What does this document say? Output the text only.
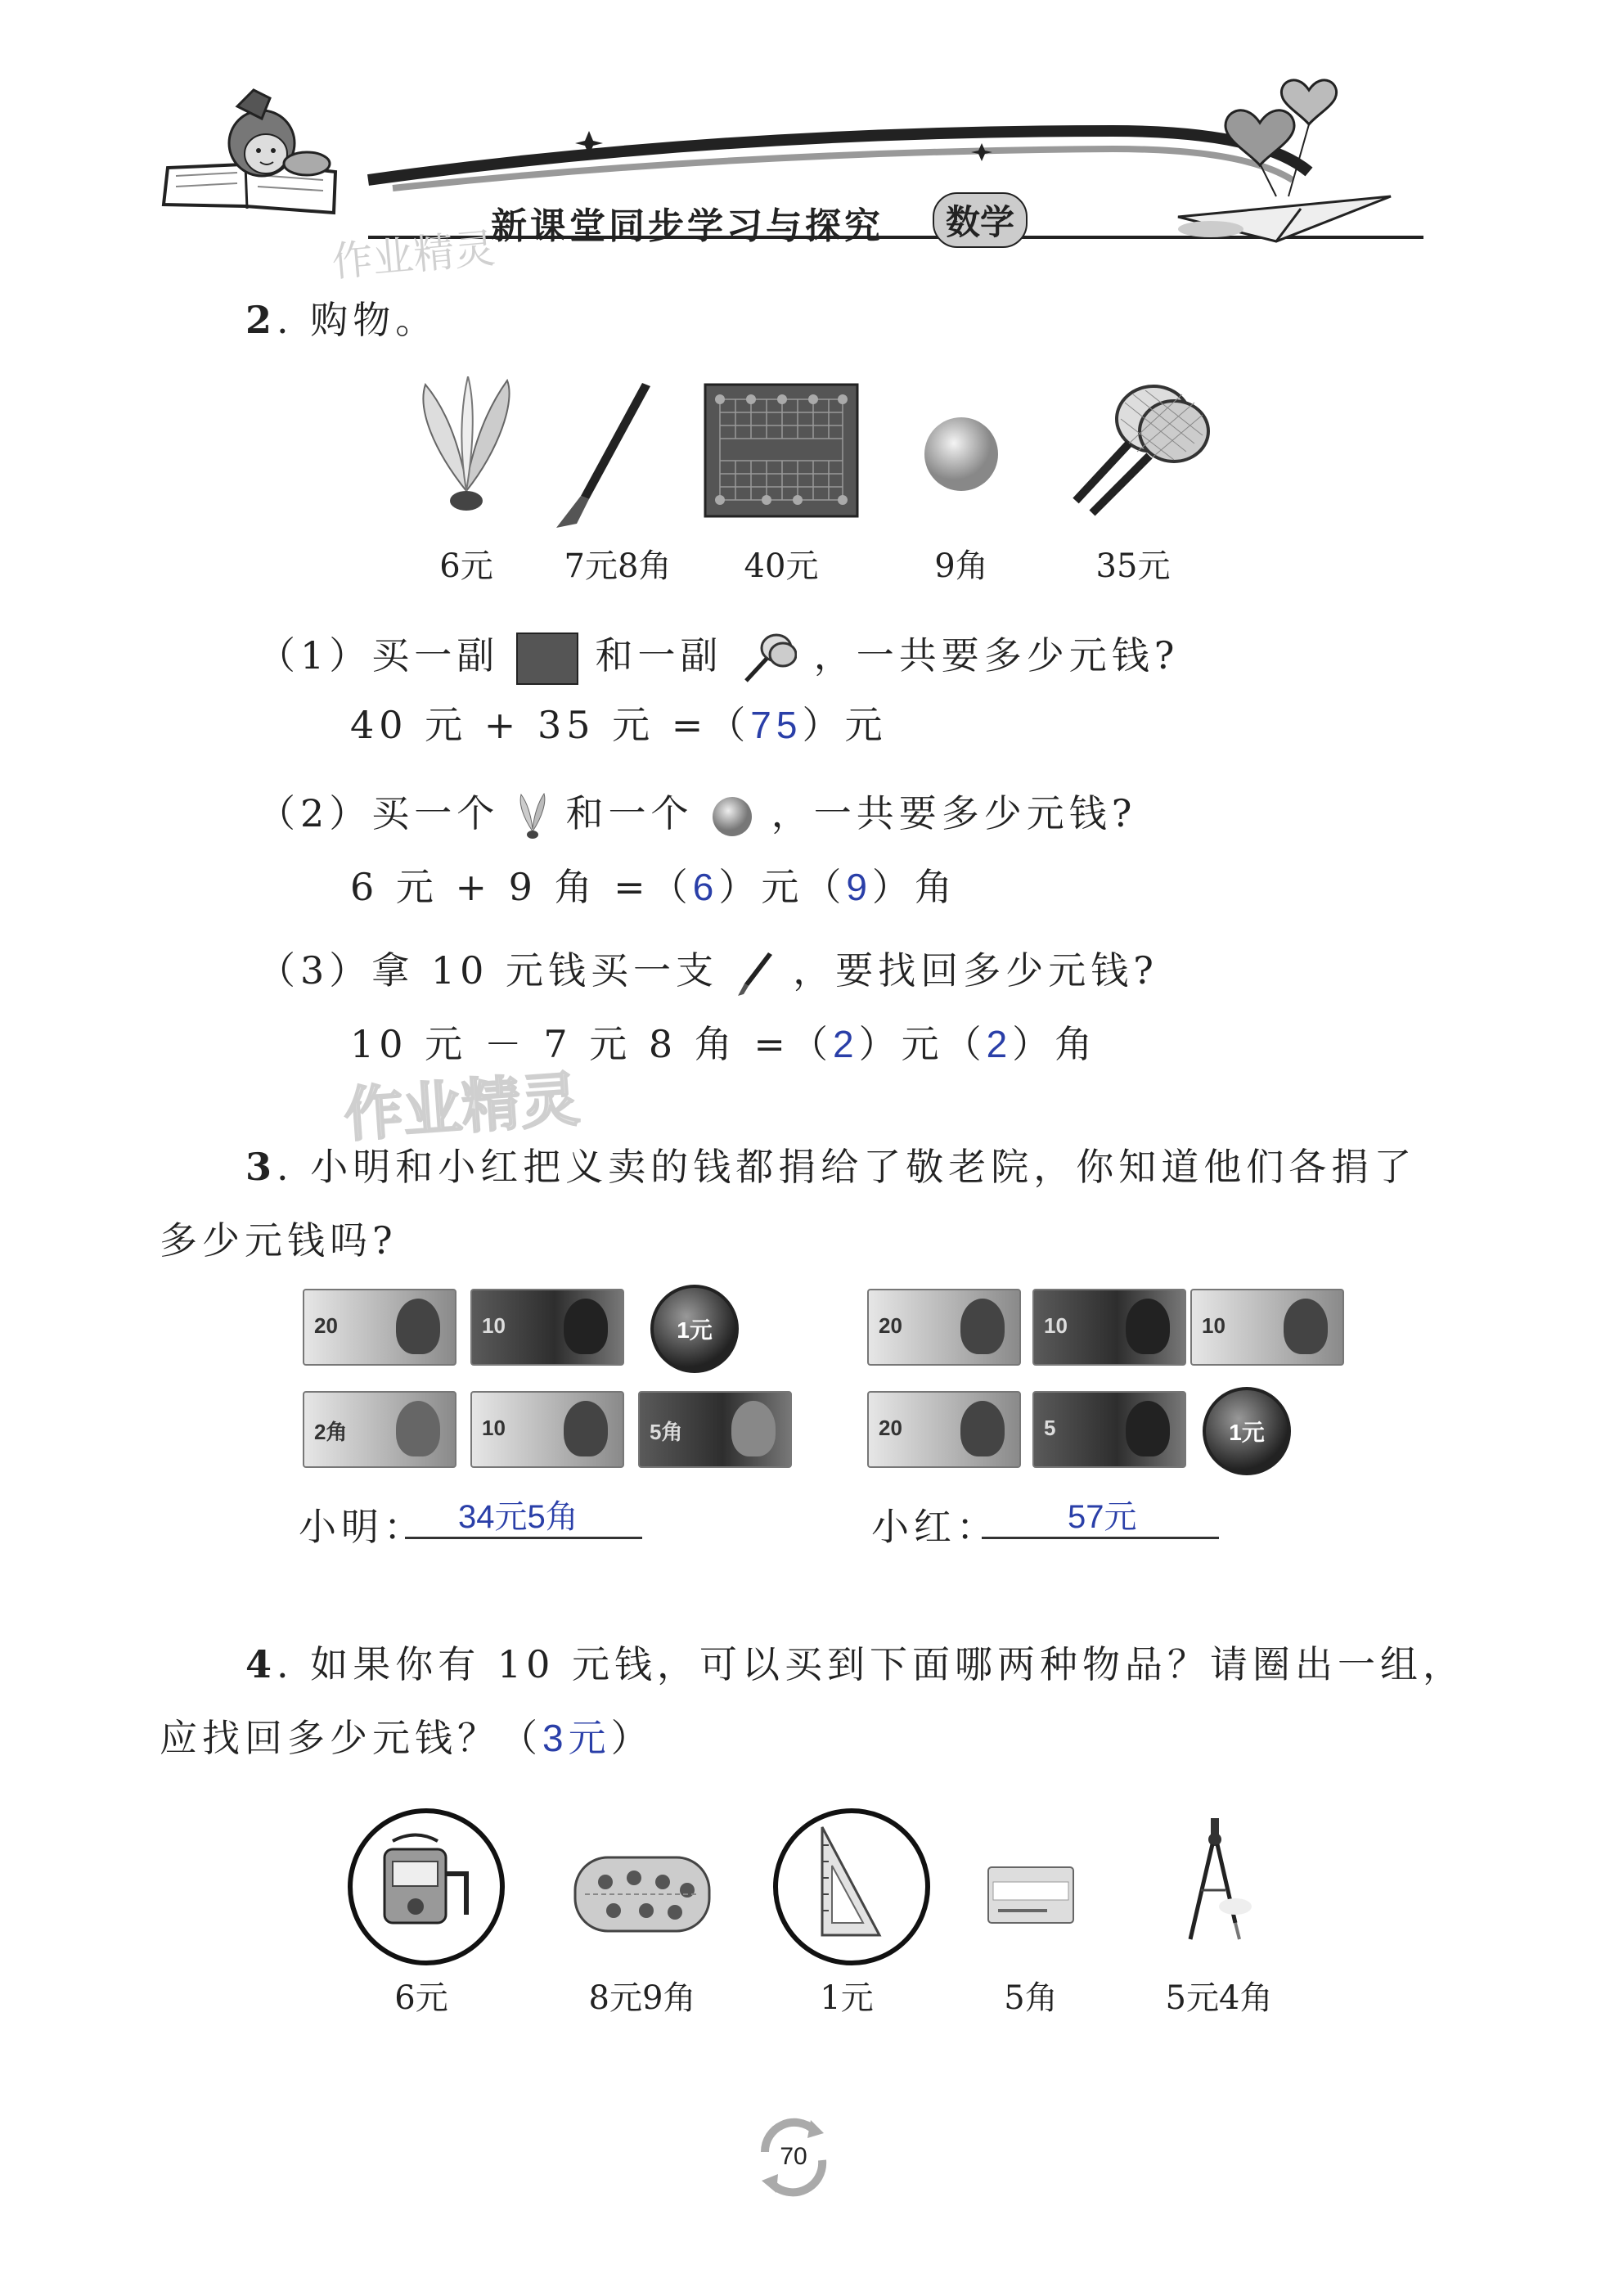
新课堂同步学习与探究	数学
作业精灵
2. 购物。
6元	7元8角	40元	9角	35元
（1）买一副	和一副 ，一共要多少元钱?
40 元 + 35 元 =（75）元
（2）买一个 和一个 ，一共要多少元钱?
6 元 + 9 角 =（6）元（9）角
（3）拿 10 元钱买一支 ，要找回多少元钱?
10 元 － 7 元 8 角 =（2）元（2）角
作业精灵
3. 小明和小红把义卖的钱都捐给了敬老院，你知道他们各捐了
多少元钱吗?
20	10	1元
2角	10	5角
20	10	10
20	5	1元
小明： 34元5角	小红： 57元
4. 如果你有 10 元钱，可以买到下面哪两种物品？请圈出一组，
应找回多少元钱？（3元）
6元	8元9角	1元	5角	5元4角
70
